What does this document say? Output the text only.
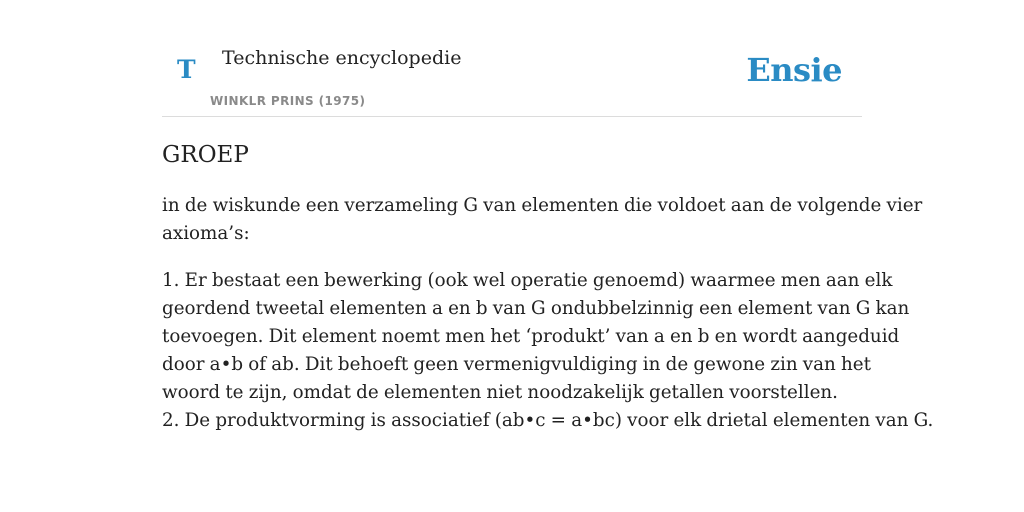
T Technische encyclopedie
WINKLR PRINS (1975)
Ensie
GROEP

in de wiskunde een verzameling G van elementen die voldoet aan de volgende vier
axioma’s:

1. Er bestaat een bewerking (ook wel operatie genoemd) waarmee men aan elk
geordend tweetal elementen a en b van G ondubbelzinnig een element van G kan
toevoegen. Dit element noemt men het ‘produkt’ van a en b en wordt aangeduid
door a•b of ab. Dit behoeft geen vermenigvuldiging in de gewone zin van het
woord te zijn, omdat de elementen niet noodzakelijk getallen voorstellen.
2. De produktvorming is associatief (ab•c = a•bc) voor elk drietal elementen van G.
